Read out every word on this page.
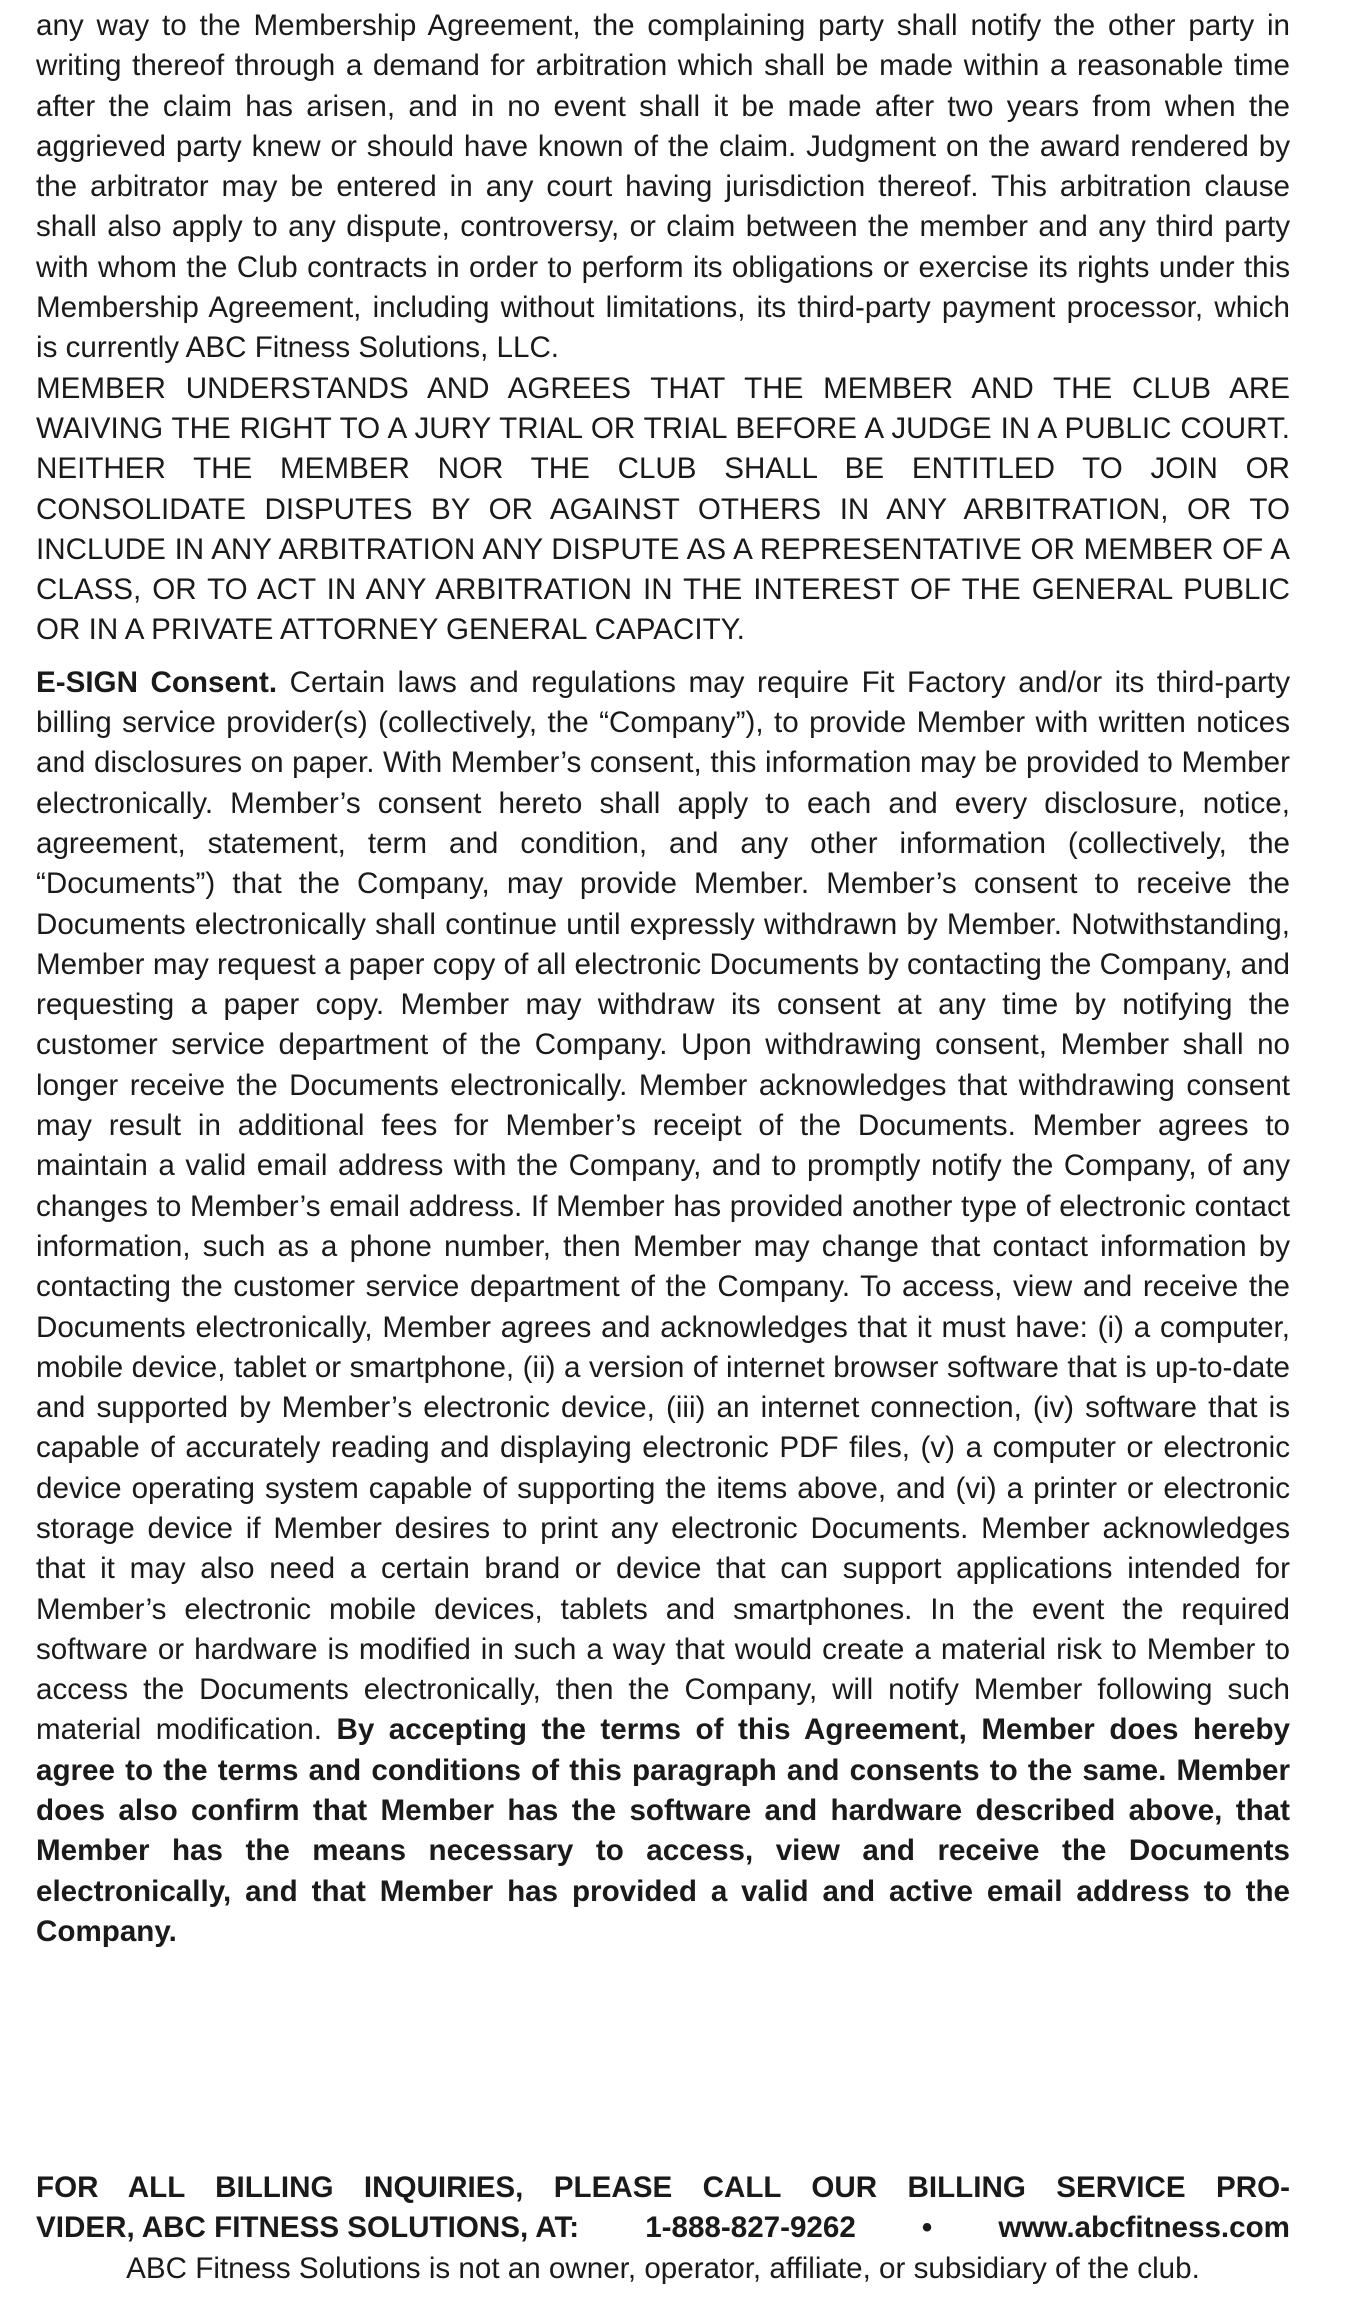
any way to the Membership Agreement, the complaining party shall notify the other party in writing thereof through a demand for arbitration which shall be made within a reasonable time after the claim has arisen, and in no event shall it be made after two years from when the aggrieved party knew or should have known of the claim. Judgment on the award rendered by the arbitrator may be entered in any court having jurisdiction thereof. This arbitration clause shall also apply to any dispute, controversy, or claim between the member and any third party with whom the Club contracts in order to perform its obligations or exercise its rights under this Membership Agreement, including without limitations, its third-party payment processor, which is currently ABC Fitness Solutions, LLC.

MEMBER UNDERSTANDS AND AGREES THAT THE MEMBER AND THE CLUB ARE WAIVING THE RIGHT TO A JURY TRIAL OR TRIAL BEFORE A JUDGE IN A PUBLIC COURT. NEITHER THE MEMBER NOR THE CLUB SHALL BE ENTITLED TO JOIN OR CONSOLIDATE DISPUTES BY OR AGAINST OTHERS IN ANY ARBITRATION, OR TO INCLUDE IN ANY ARBITRATION ANY DISPUTE AS A REPRESENTATIVE OR MEMBER OF A CLASS, OR TO ACT IN ANY ARBITRATION IN THE INTEREST OF THE GENERAL PUBLIC OR IN A PRIVATE ATTORNEY GENERAL CAPACITY.

E-SIGN Consent. Certain laws and regulations may require Fit Factory and/or its third-party billing service provider(s) (collectively, the “Company”), to provide Member with written notices and disclosures on paper. With Member’s consent, this information may be provided to Member electronically. Member’s consent hereto shall apply to each and every disclosure, notice, agreement, statement, term and condition, and any other information (collectively, the “Documents”) that the Company, may provide Member. Member’s consent to receive the Documents electronically shall continue until expressly withdrawn by Member. Notwithstanding, Member may request a paper copy of all electronic Documents by contacting the Company, and requesting a paper copy. Member may withdraw its consent at any time by notifying the customer service department of the Company. Upon withdrawing consent, Member shall no longer receive the Documents electronically. Member acknowledges that withdrawing consent may result in additional fees for Member’s receipt of the Documents. Member agrees to maintain a valid email address with the Company, and to promptly notify the Company, of any changes to Member’s email address. If Member has provided another type of electronic contact information, such as a phone number, then Member may change that contact information by contacting the customer service department of the Company. To access, view and receive the Documents electronically, Member agrees and acknowledges that it must have: (i) a computer, mobile device, tablet or smartphone, (ii) a version of internet browser software that is up-to-date and supported by Member’s electronic device, (iii) an internet connection, (iv) software that is capable of accurately reading and displaying electronic PDF files, (v) a computer or electronic device operating system capable of supporting the items above, and (vi) a printer or electronic storage device if Member desires to print any electronic Documents. Member acknowledges that it may also need a certain brand or device that can support applications intended for Member’s electronic mobile devices, tablets and smartphones. In the event the required software or hardware is modified in such a way that would create a material risk to Member to access the Documents electronically, then the Company, will notify Member following such material modification. By accepting the terms of this Agreement, Member does hereby agree to the terms and conditions of this paragraph and consents to the same. Member does also confirm that Member has the software and hardware described above, that Member has the means necessary to access, view and receive the Documents electronically, and that Member has provided a valid and active email address to the Company.

FOR ALL BILLING INQUIRIES, PLEASE CALL OUR BILLING SERVICE PRO-

VIDER, ABC FITNESS SOLUTIONS, AT: 1-888-827-9262 • www.abcfitness.com

ABC Fitness Solutions is not an owner, operator, affiliate, or subsidiary of the club.
